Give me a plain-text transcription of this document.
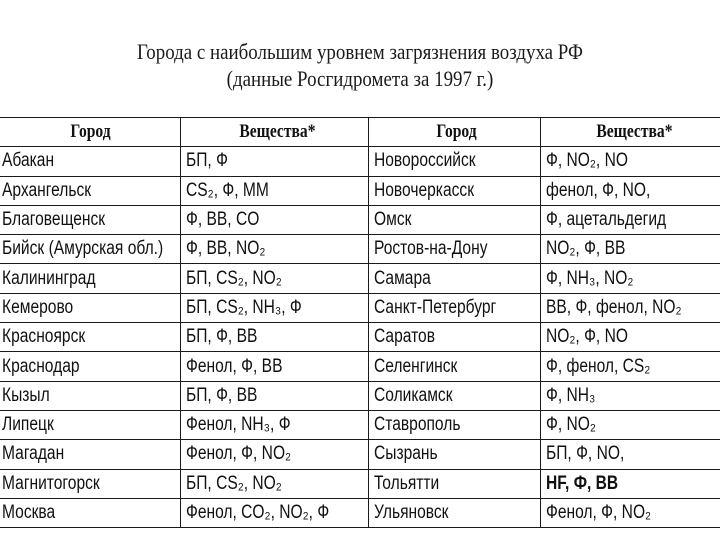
Города с наибольшим уровнем загрязнения воздуха РФ
(данные Росгидромета за 1997 г.)
Город	Вещества*	Город	Вещества*
Абакан	БП, Ф	Новороссийск	Ф, NO₂, NO
Архангельск	CS₂, Ф, ММ	Новочеркасск	фенол, Ф, NO,
Благовещенск	Ф, ВВ, CO	Омск	Ф, ацетальдегид
Бийск (Амурская обл.)	Ф, ВВ, NO₂	Ростов-на-Дону	NO₂, Ф, ВВ
Калининград	БП, CS₂, NO₂	Самара	Ф, NH₃, NO₂
Кемерово	БП, CS₂, NH₃, Ф	Санкт-Петербург	ВВ, Ф, фенол, NO₂
Красноярск	БП, Ф, ВВ	Саратов	NO₂, Ф, NO
Краснодар	Фенол, Ф, ВВ	Селенгинск	Ф, фенол, CS₂
Кызыл	БП, Ф, ВВ	Соликамск	Ф, NH₃
Липецк	Фенол, NH₃, Ф	Ставрополь	Ф, NO₂
Магадан	Фенол, Ф, NO₂	Сызрань	БП, Ф, NO,
Магнитогорск	БП, CS₂, NO₂	Тольятти	HF, Ф, ВВ
Москва	Фенол, CO₂, NO₂, Ф	Ульяновск	Фенол, Ф, NO₂
